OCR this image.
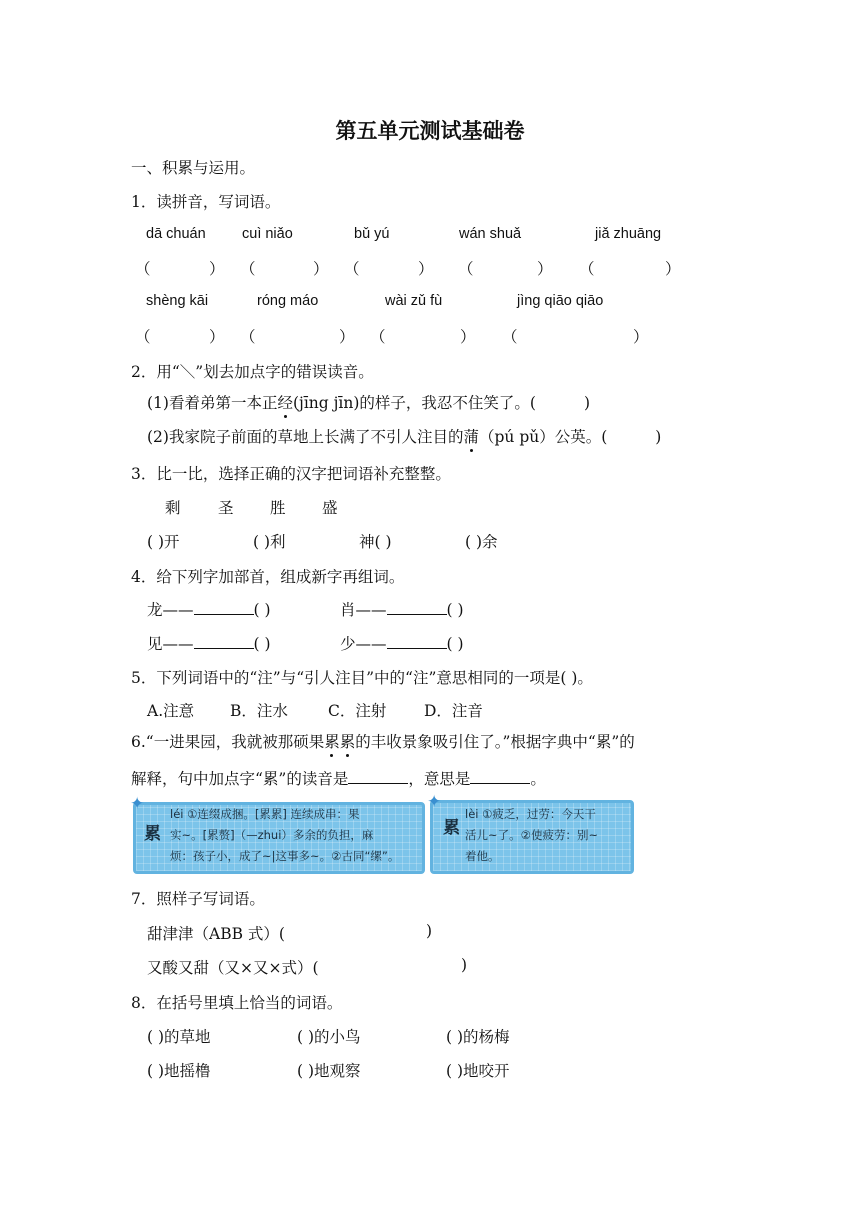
第五单元测试基础卷
一、积累与运用。
1．读拼音，写词语。
dā chuán	cuì niǎo	bǔ yú	wán shuǎ	jiǎ zhuāng
（	） （	） （	） （	） （	）
shèng kāi	róng máo	wài zǔ fù	jìng qiāo qiāo
（	） （	） （	） （	）
2．用“＼”划去加点字的错误读音。
(1)看着弟第一本正经(jīng jīn)的样子，我忍不住笑了。(	)
(2)我家院子前面的草地上长满了不引人注目的蒲（pú pǔ）公英。(	)
3．比一比，选择正确的汉字把词语补充整整。
剩 圣 胜 盛
( )开	( )利	神( )	( )余
4．给下列字加部首，组成新字再组词。
龙——	( )	肖——	( )
见——	( )	少——	( )
5．下列词语中的“注”与“引人注目”中的“注”意思相同的一项是( )。
A.注意 B．注水	C．注射 D．注音
6.“一进果园，我就被那硕果累累的丰收景象吸引住了。”根据字典中“累”的
解释，句中加点字“累”的读音是	，意思是	。
✦
累
léi ①连缀成捆。[累累] 连续成串：果
实~。[累赘]（—zhui）多余的负担，麻
烦：孩子小，成了~|这事多~。②古同“缧”。
✦
累
lèi ①疲乏，过劳：今天干
活儿~了。②使疲劳：别~
着他。
7．照样子写词语。
甜津津（ABB 式）(	)
又酸又甜（又×又×式）(	)
8．在括号里填上恰当的词语。
( )的草地	( )的小鸟	( )的杨梅
( )地摇橹	( )地观察	( )地咬开
